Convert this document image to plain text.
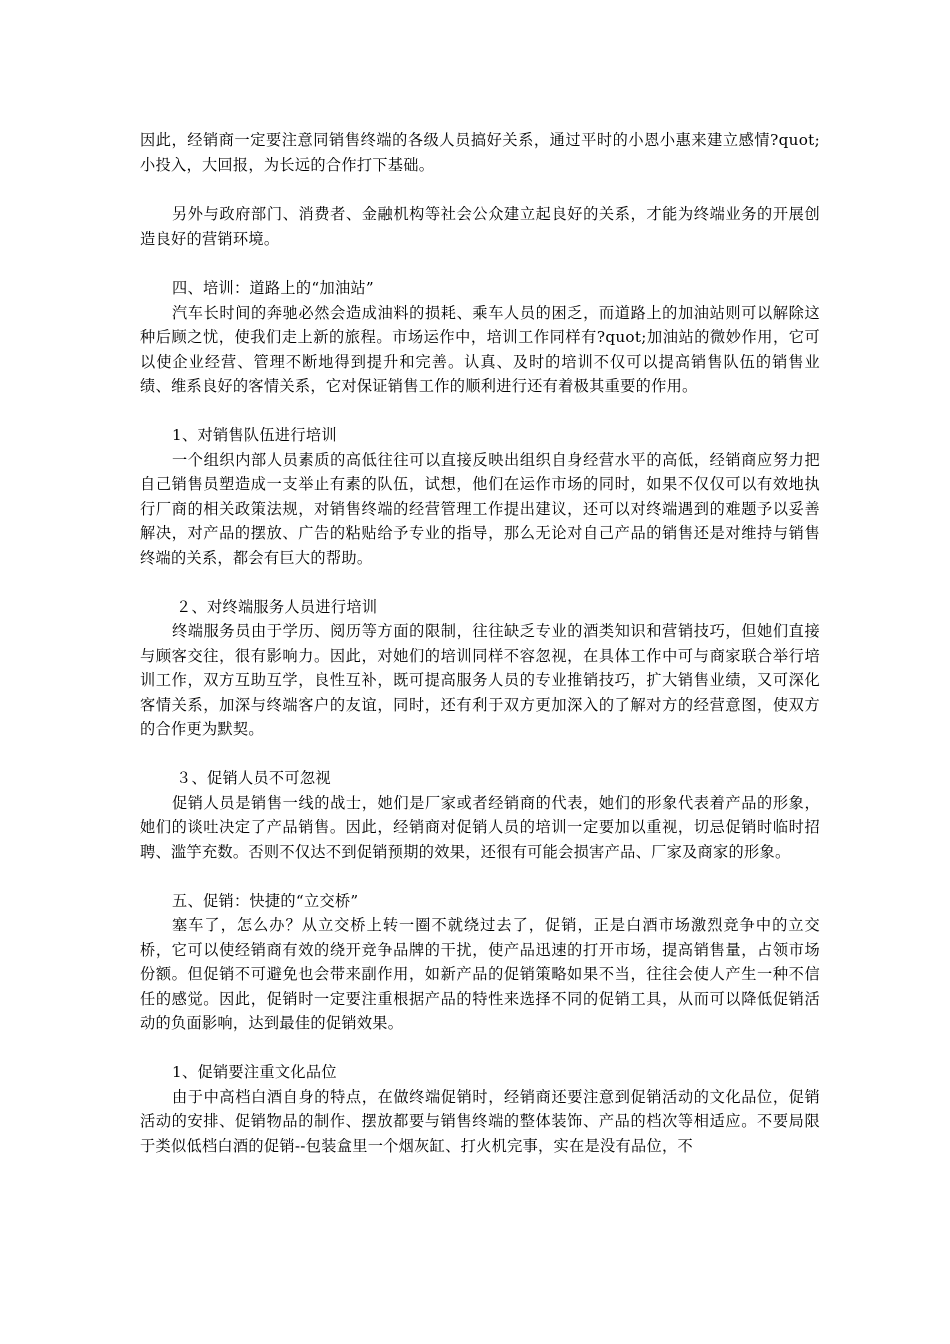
因此，经销商一定要注意同销售终端的各级人员搞好关系，通过平时的小恩小惠来建立感情?quot;小投入，大回报，为长远的合作打下基础。

另外与政府部门、消费者、金融机构等社会公众建立起良好的关系，才能为终端业务的开展创造良好的营销环境。

四、培训：道路上的“加油站”

汽车长时间的奔驰必然会造成油料的损耗、乘车人员的困乏，而道路上的加油站则可以解除这种后顾之忧，使我们走上新的旅程。市场运作中，培训工作同样有?quot;加油站的微妙作用，它可以使企业经营、管理不断地得到提升和完善。认真、及时的培训不仅可以提高销售队伍的销售业绩、维系良好的客情关系，它对保证销售工作的顺利进行还有着极其重要的作用。

1、对销售队伍进行培训

一个组织内部人员素质的高低往往可以直接反映出组织自身经营水平的高低，经销商应努力把自己销售员塑造成一支举止有素的队伍，试想，他们在运作市场的同时，如果不仅仅可以有效地执行厂商的相关政策法规，对销售终端的经营管理工作提出建议，还可以对终端遇到的难题予以妥善解决，对产品的摆放、广告的粘贴给予专业的指导，那么无论对自己产品的销售还是对维持与销售终端的关系，都会有巨大的帮助。

２、对终端服务人员进行培训

终端服务员由于学历、阅历等方面的限制，往往缺乏专业的酒类知识和营销技巧，但她们直接与顾客交往，很有影响力。因此，对她们的培训同样不容忽视，在具体工作中可与商家联合举行培训工作，双方互助互学，良性互补，既可提高服务人员的专业推销技巧，扩大销售业绩，又可深化客情关系，加深与终端客户的友谊，同时，还有利于双方更加深入的了解对方的经营意图，使双方的合作更为默契。

３、促销人员不可忽视

促销人员是销售一线的战士，她们是厂家或者经销商的代表，她们的形象代表着产品的形象，她们的谈吐决定了产品销售。因此，经销商对促销人员的培训一定要加以重视，切忌促销时临时招聘、滥竽充数。否则不仅达不到促销预期的效果，还很有可能会损害产品、厂家及商家的形象。

五、促销：快捷的“立交桥”

塞车了，怎么办？从立交桥上转一圈不就绕过去了，促销，正是白酒市场激烈竞争中的立交桥，它可以使经销商有效的绕开竞争品牌的干扰，使产品迅速的打开市场，提高销售量，占领市场份额。但促销不可避免也会带来副作用，如新产品的促销策略如果不当，往往会使人产生一种不信任的感觉。因此，促销时一定要注重根据产品的特性来选择不同的促销工具，从而可以降低促销活动的负面影响，达到最佳的促销效果。

1、促销要注重文化品位

由于中高档白酒自身的特点，在做终端促销时，经销商还要注意到促销活动的文化品位，促销活动的安排、促销物品的制作、摆放都要与销售终端的整体装饰、产品的档次等相适应。不要局限于类似低档白酒的促销--包装盒里一个烟灰缸、打火机完事，实在是没有品位，不
